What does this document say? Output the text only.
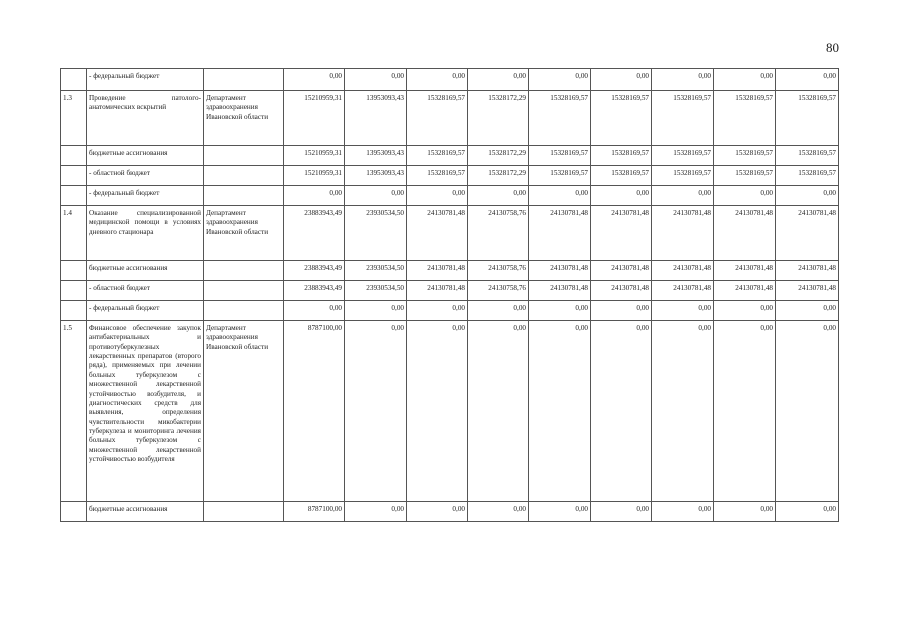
80
	- федеральный бюджет		0,00	0,00	0,00	0,00	0,00	0,00	0,00	0,00	0,00
1.3	Проведение патолого-анатомических вскрытий	Департамент здравоохранения Ивановской области	15210959,31	13953093,43	15328169,57	15328172,29	15328169,57	15328169,57	15328169,57	15328169,57	15328169,57
	бюджетные ассигнования		15210959,31	13953093,43	15328169,57	15328172,29	15328169,57	15328169,57	15328169,57	15328169,57	15328169,57
	- областной бюджет		15210959,31	13953093,43	15328169,57	15328172,29	15328169,57	15328169,57	15328169,57	15328169,57	15328169,57
	- федеральный бюджет		0,00	0,00	0,00	0,00	0,00	0,00	0,00	0,00	0,00
1.4	Оказание специализированной медицинской помощи в условиях дневного стационара	Департамент здравоохранения Ивановской области	23883943,49	23930534,50	24130781,48	24130758,76	24130781,48	24130781,48	24130781,48	24130781,48	24130781,48
	бюджетные ассигнования		23883943,49	23930534,50	24130781,48	24130758,76	24130781,48	24130781,48	24130781,48	24130781,48	24130781,48
	- областной бюджет		23883943,49	23930534,50	24130781,48	24130758,76	24130781,48	24130781,48	24130781,48	24130781,48	24130781,48
	- федеральный бюджет		0,00	0,00	0,00	0,00	0,00	0,00	0,00	0,00	0,00
1.5	Финансовое обеспечение закупок антибактериальных и противотуберкулезных лекарственных препаратов (второго ряда), применяемых при лечении больных туберкулезом с множественной лекарственной устойчивостью возбудителя, и диагностических средств для выявления, определения чувствительности микобактерии туберкулеза и мониторинга лечения больных туберкулезом с множественной лекарственной устойчивостью возбудителя	Департамент здравоохранения Ивановской области	8787100,00	0,00	0,00	0,00	0,00	0,00	0,00	0,00	0,00
	бюджетные ассигнования		8787100,00	0,00	0,00	0,00	0,00	0,00	0,00	0,00	0,00
